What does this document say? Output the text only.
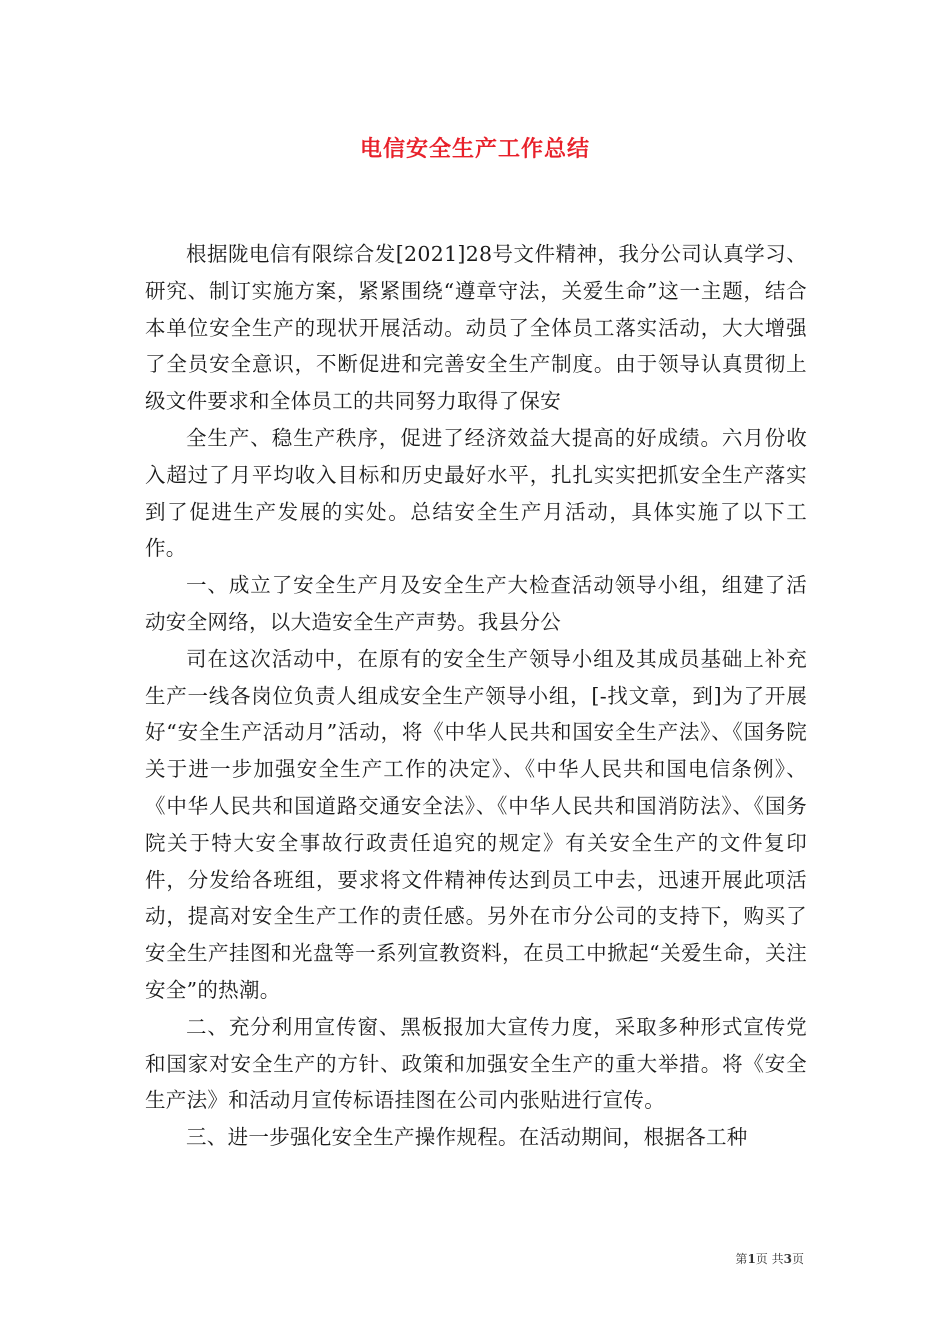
电信安全生产工作总结

根据陇电信有限综合发[2021]28号文件精神，我分公司认真学习、研究、制订实施方案，紧紧围绕“遵章守法，关爱生命”这一主题，结合本单位安全生产的现状开展活动。动员了全体员工落实活动，大大增强了全员安全意识，不断促进和完善安全生产制度。由于领导认真贯彻上级文件要求和全体员工的共同努力取得了保安

全生产、稳生产秩序，促进了经济效益大提高的好成绩。六月份收入超过了月平均收入目标和历史最好水平，扎扎实实把抓安全生产落实到了促进生产发展的实处。总结安全生产月活动，具体实施了以下工作。

一、成立了安全生产月及安全生产大检查活动领导小组，组建了活动安全网络，以大造安全生产声势。我县分公

司在这次活动中，在原有的安全生产领导小组及其成员基础上补充生产一线各岗位负责人组成安全生产领导小组，[-找文章，到]为了开展好“安全生产活动月”活动，将《中华人民共和国安全生产法》、《国务院关于进一步加强安全生产工作的决定》、《中华人民共和国电信条例》、《中华人民共和国道路交通安全法》、《中华人民共和国消防法》、《国务院关于特大安全事故行政责任追究的规定》有关安全生产的文件复印件，分发给各班组，要求将文件精神传达到员工中去，迅速开展此项活动，提高对安全生产工作的责任感。另外在市分公司的支持下，购买了安全生产挂图和光盘等一系列宣教资料，在员工中掀起“关爱生命，关注安全”的热潮。

二、充分利用宣传窗、黑板报加大宣传力度，采取多种形式宣传党和国家对安全生产的方针、政策和加强安全生产的重大举措。将《安全生产法》和活动月宣传标语挂图在公司内张贴进行宣传。

三、进一步强化安全生产操作规程。在活动期间，根据各工种

第1页 共3页
